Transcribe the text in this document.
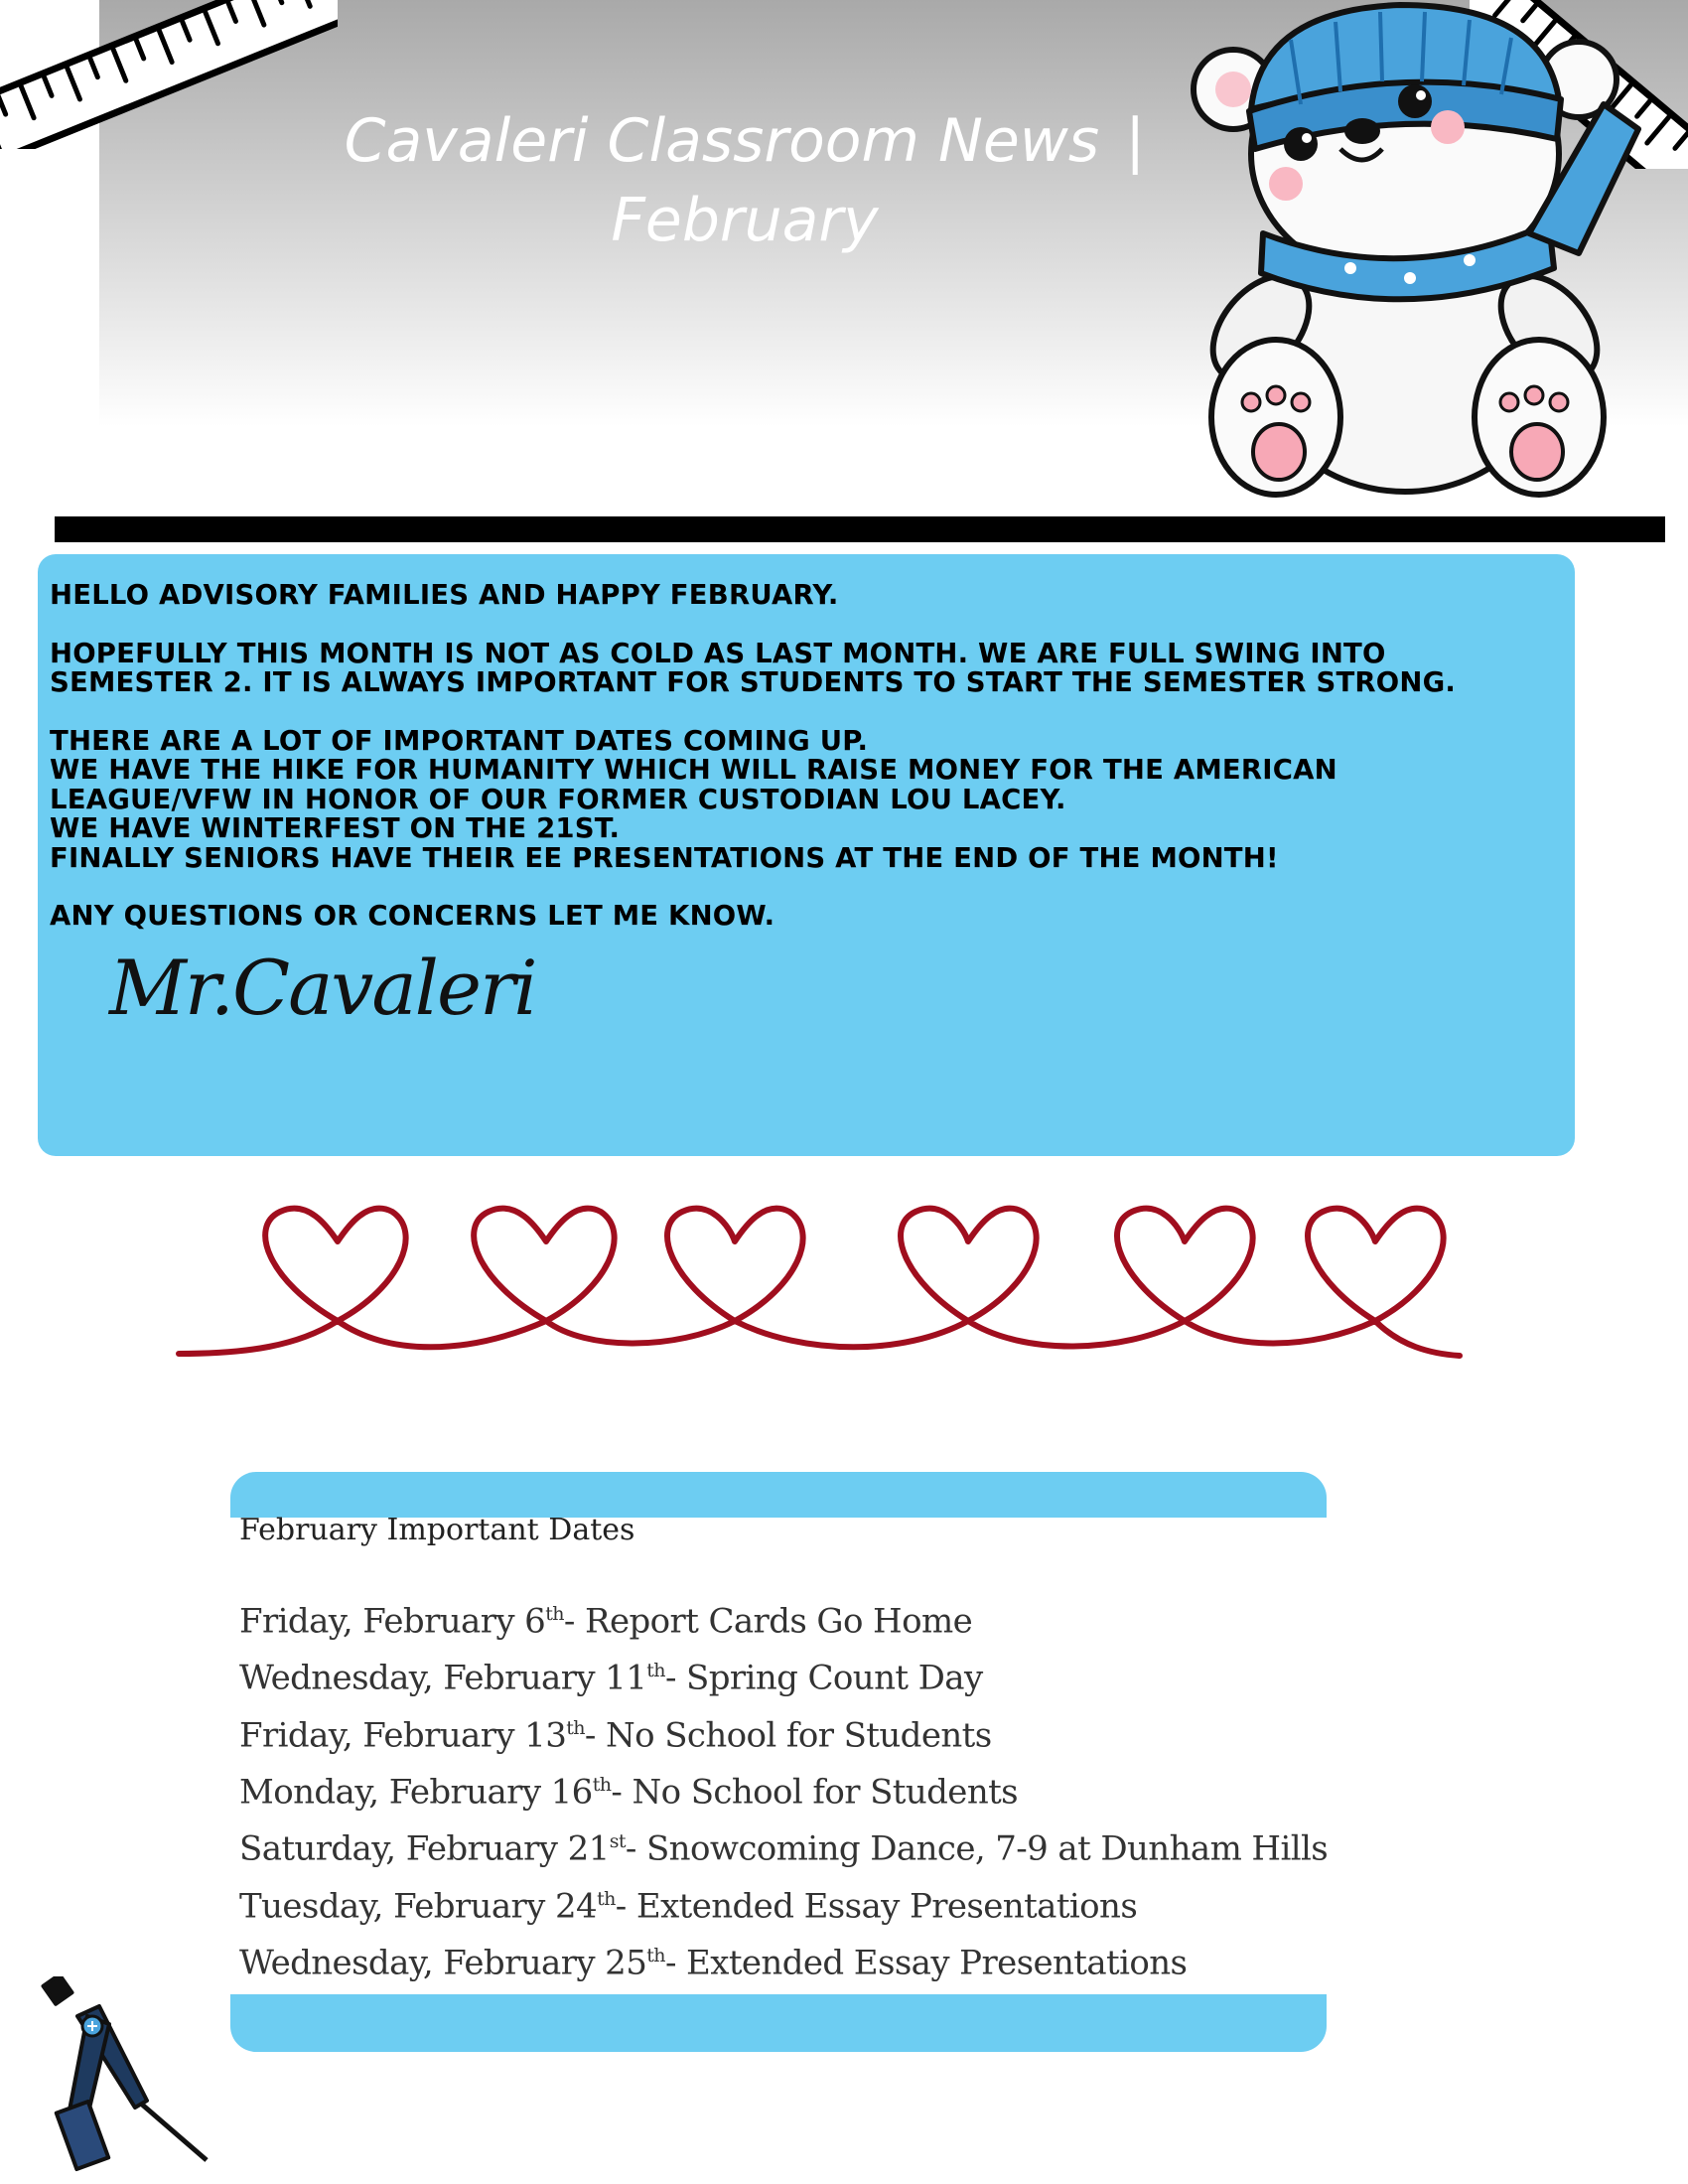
Cavaleri Classroom News |
February

HELLO ADVISORY FAMILIES AND HAPPY FEBRUARY.

HOPEFULLY THIS MONTH IS NOT AS COLD AS LAST MONTH. WE ARE FULL SWING INTO

SEMESTER 2. IT IS ALWAYS IMPORTANT FOR STUDENTS TO START THE SEMESTER STRONG.

THERE ARE A LOT OF IMPORTANT DATES COMING UP.

WE HAVE THE HIKE FOR HUMANITY WHICH WILL RAISE MONEY FOR THE AMERICAN

LEAGUE/VFW IN HONOR OF OUR FORMER CUSTODIAN LOU LACEY.

WE HAVE WINTERFEST ON THE 21ST.

FINALLY SENIORS HAVE THEIR EE PRESENTATIONS AT THE END OF THE MONTH!

ANY QUESTIONS OR CONCERNS LET ME KNOW.

Mr.Cavaleri
February Important Dates
Friday, February 6th- Report Cards Go Home
Wednesday, February 11th- Spring Count Day
Friday, February 13th- No School for Students
Monday, February 16th- No School for Students
Saturday, February 21st- Snowcoming Dance, 7-9 at Dunham Hills
Tuesday, February 24th- Extended Essay Presentations
Wednesday, February 25th- Extended Essay Presentations
